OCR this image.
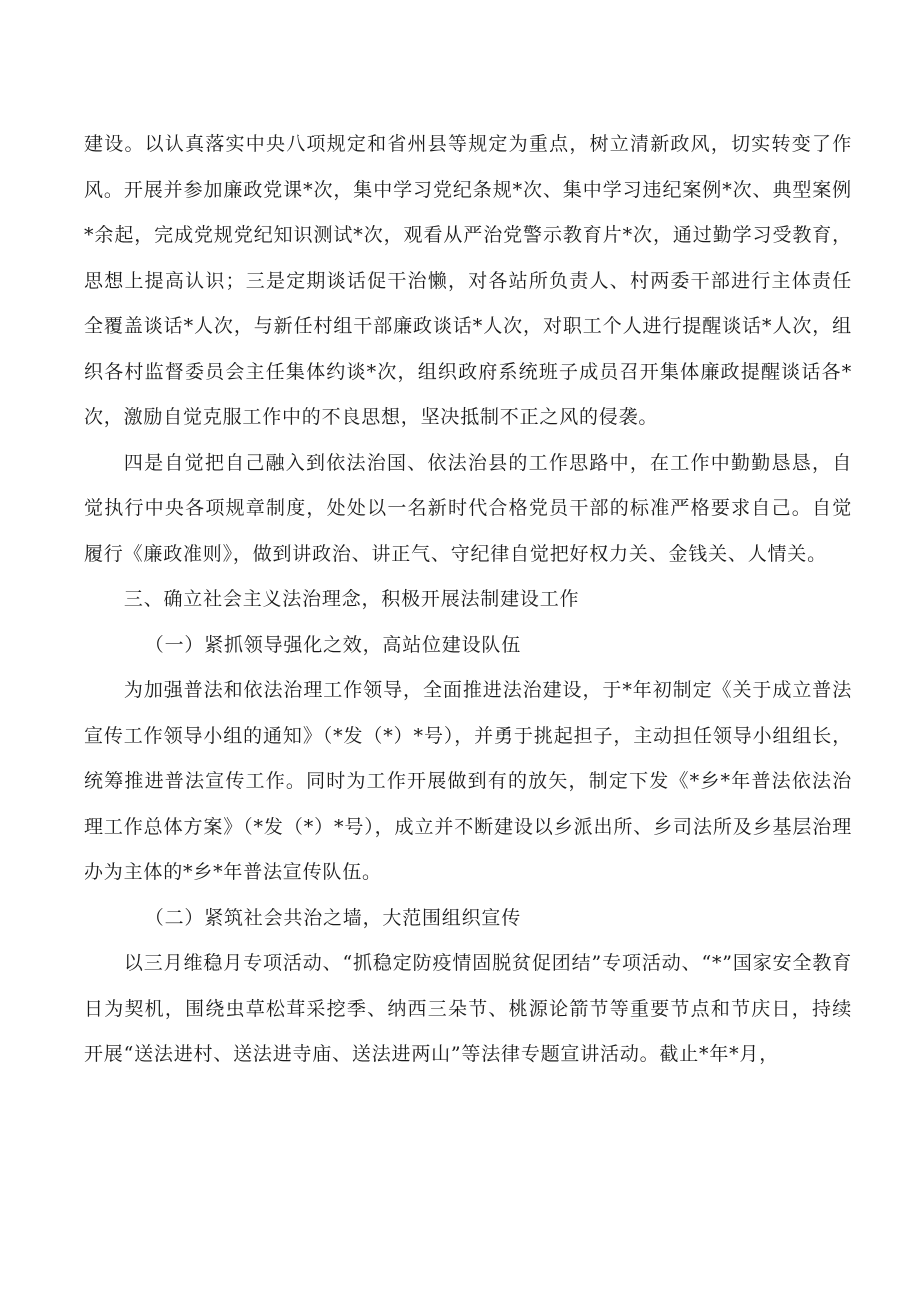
建设。以认真落实中央八项规定和省州县等规定为重点，树立清新政风，切实转变了作风。开展并参加廉政党课*次，集中学习党纪条规*次、集中学习违纪案例*次、典型案例*余起，完成党规党纪知识测试*次，观看从严治党警示教育片*次，通过勤学习受教育，思想上提高认识；三是定期谈话促干治懒，对各站所负责人、村两委干部进行主体责任全覆盖谈话*人次，与新任村组干部廉政谈话*人次，对职工个人进行提醒谈话*人次，组织各村监督委员会主任集体约谈*次，组织政府系统班子成员召开集体廉政提醒谈话各*次，激励自觉克服工作中的不良思想，坚决抵制不正之风的侵袭。

四是自觉把自己融入到依法治国、依法治县的工作思路中，在工作中勤勤恳恳，自觉执行中央各项规章制度，处处以一名新时代合格党员干部的标准严格要求自己。自觉履行《廉政准则》，做到讲政治、讲正气、守纪律自觉把好权力关、金钱关、人情关。

三、确立社会主义法治理念，积极开展法制建设工作

（一）紧抓领导强化之效，高站位建设队伍

为加强普法和依法治理工作领导，全面推进法治建设，于*年初制定《关于成立普法宣传工作领导小组的通知》（*发（*）*号），并勇于挑起担子，主动担任领导小组组长，统筹推进普法宣传工作。同时为工作开展做到有的放矢，制定下发《*乡*年普法依法治理工作总体方案》（*发（*）*号），成立并不断建设以乡派出所、乡司法所及乡基层治理办为主体的*乡*年普法宣传队伍。

（二）紧筑社会共治之墙，大范围组织宣传

以三月维稳月专项活动、“抓稳定防疫情固脱贫促团结”专项活动、“*”国家安全教育日为契机，围绕虫草松茸采挖季、纳西三朵节、桃源论箭节等重要节点和节庆日，持续开展“送法进村、送法进寺庙、送法进两山”等法律专题宣讲活动。截止*年*月，
